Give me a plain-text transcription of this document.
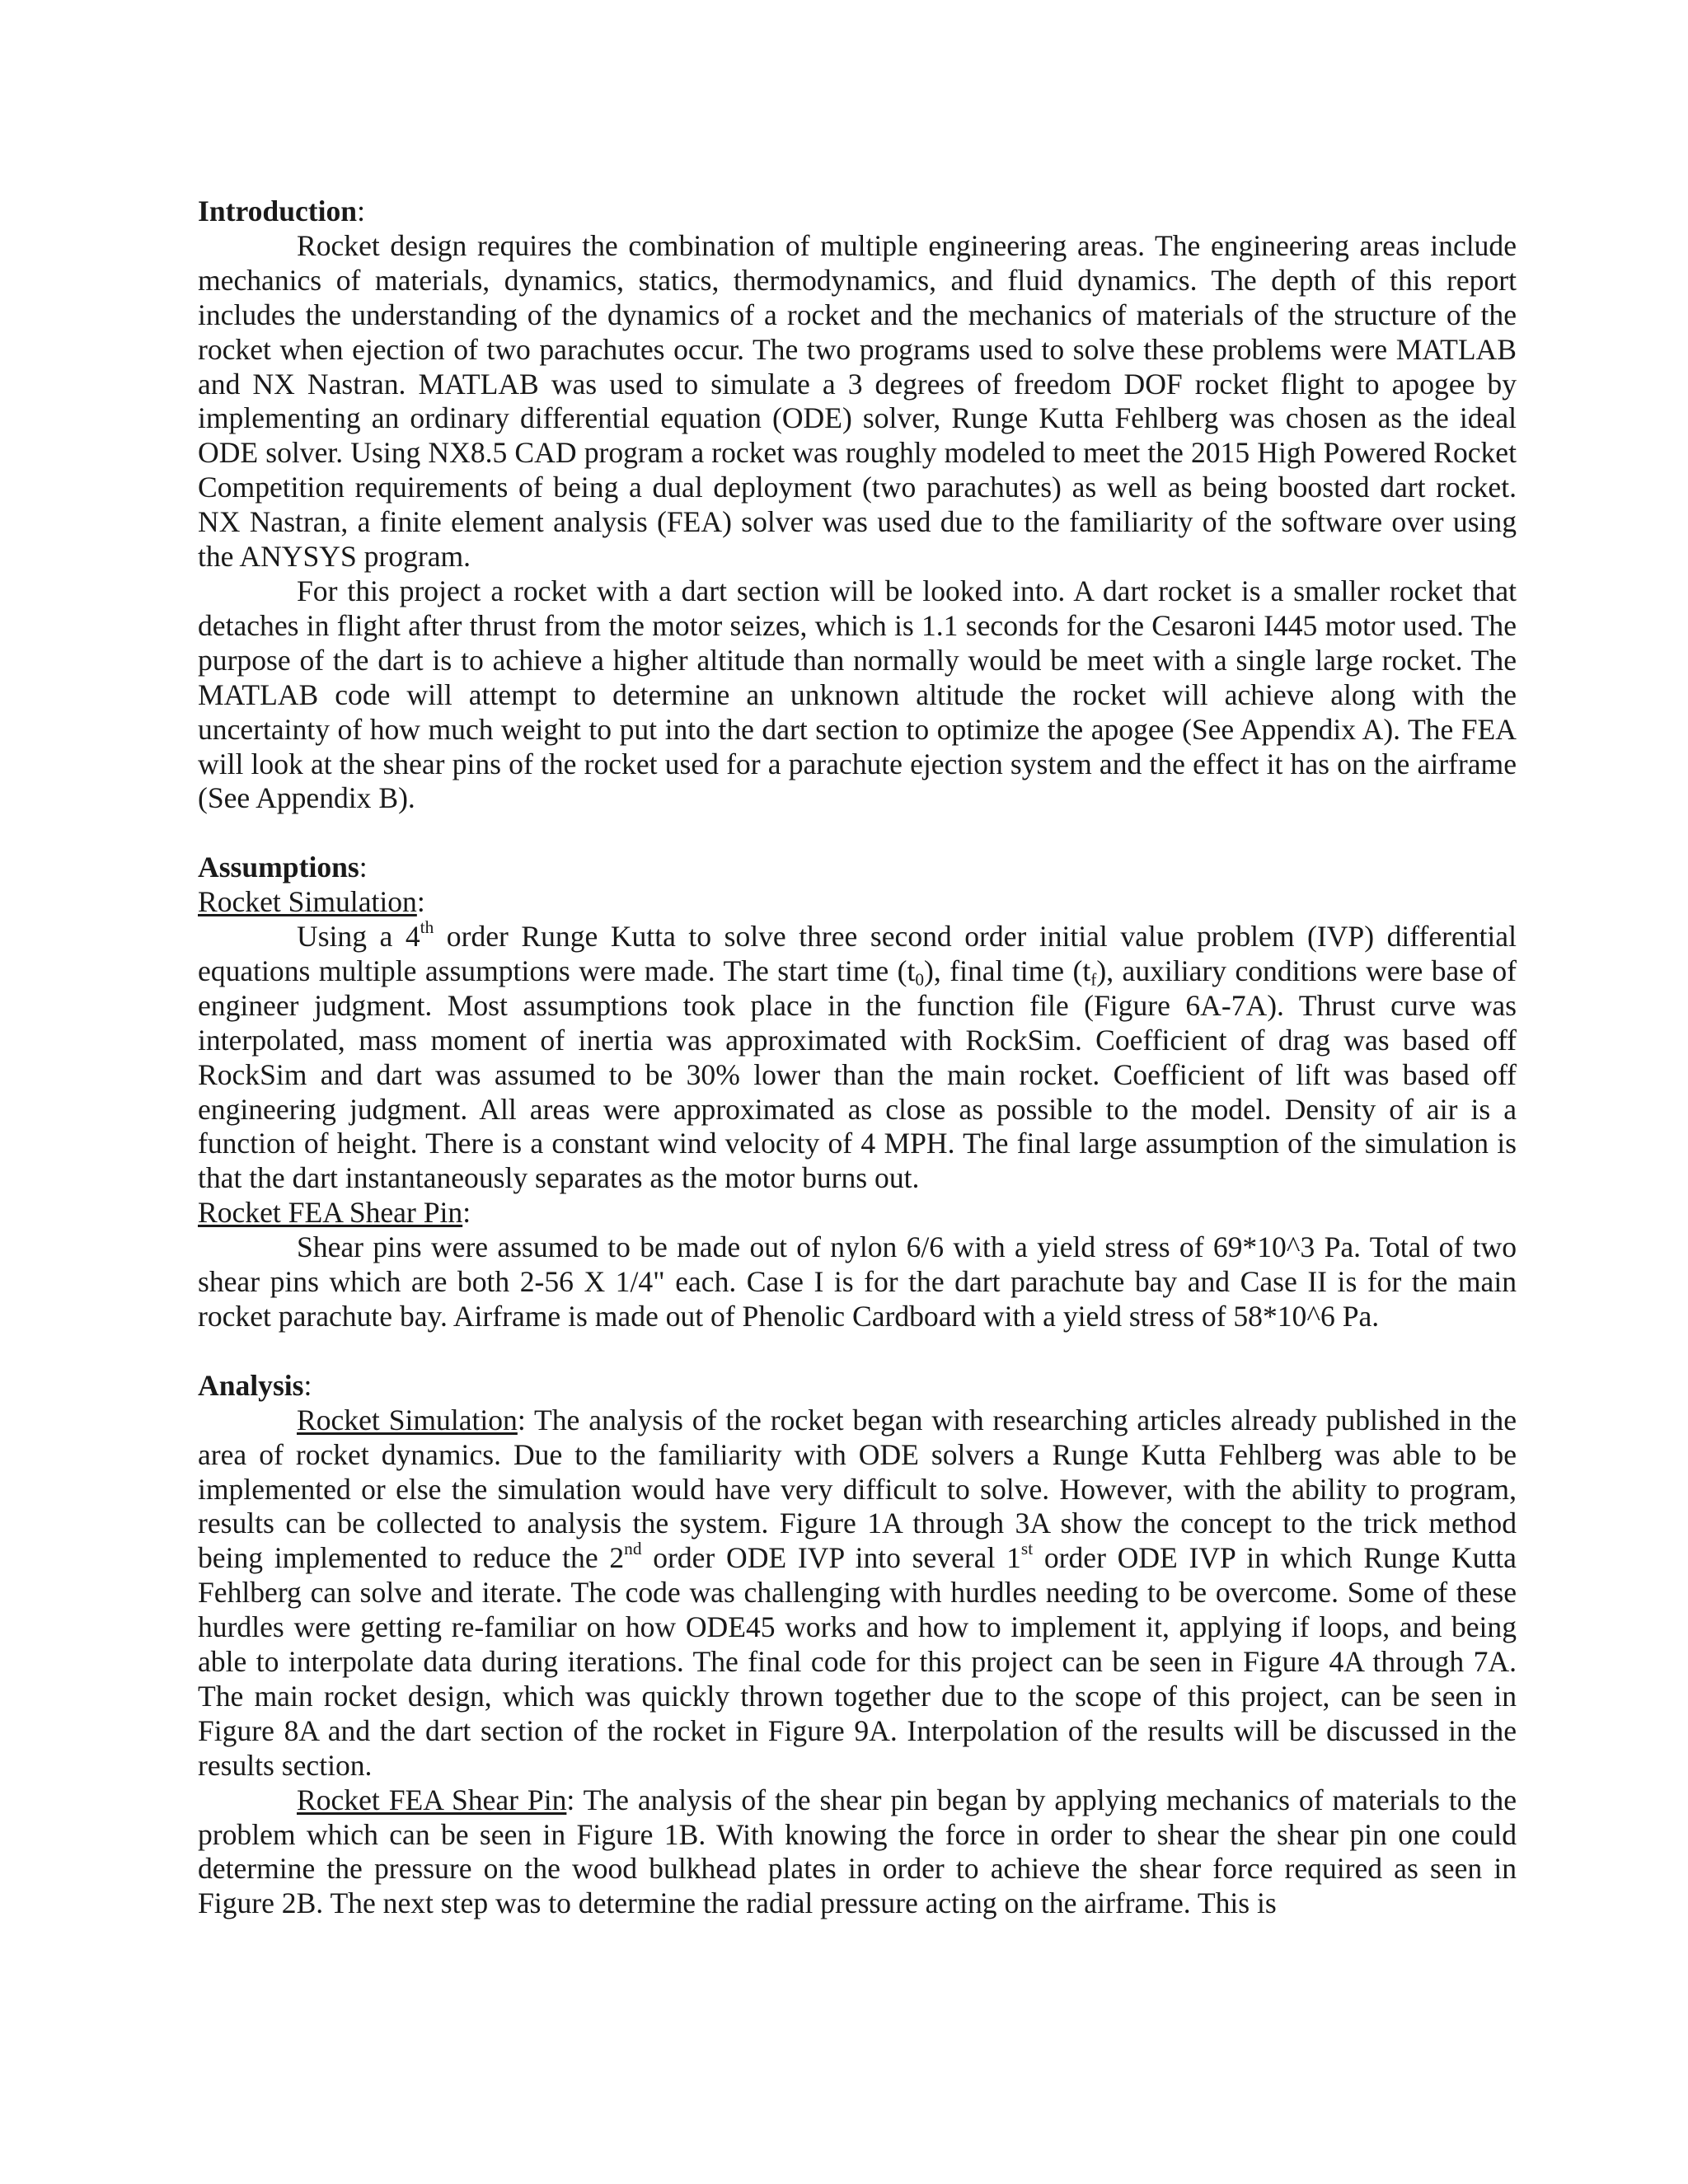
Introduction:

Rocket design requires the combination of multiple engineering areas. The engineering areas include mechanics of materials, dynamics, statics, thermodynamics, and fluid dynamics. The depth of this report includes the understanding of the dynamics of a rocket and the mechanics of materials of the structure of the rocket when ejection of two parachutes occur. The two programs used to solve these problems were MATLAB and NX Nastran. MATLAB was used to simulate a 3 degrees of freedom DOF rocket flight to apogee by implementing an ordinary differential equation (ODE) solver, Runge Kutta Fehlberg was chosen as the ideal ODE solver. Using NX8.5 CAD program a rocket was roughly modeled to meet the 2015 High Powered Rocket Competition requirements of being a dual deployment (two parachutes) as well as being boosted dart rocket. NX Nastran, a finite element analysis (FEA) solver was used due to the familiarity of the software over using the ANYSYS program.

For this project a rocket with a dart section will be looked into. A dart rocket is a smaller rocket that detaches in flight after thrust from the motor seizes, which is 1.1 seconds for the Cesaroni I445 motor used. The purpose of the dart is to achieve a higher altitude than normally would be meet with a single large rocket. The MATLAB code will attempt to determine an unknown altitude the rocket will achieve along with the uncertainty of how much weight to put into the dart section to optimize the apogee (See Appendix A). The FEA will look at the shear pins of the rocket used for a parachute ejection system and the effect it has on the airframe (See Appendix B).

Assumptions:
Rocket Simulation:

Using a 4th order Runge Kutta to solve three second order initial value problem (IVP) differential equations multiple assumptions were made. The start time $(t_0)$, final time $(t_f)$, auxiliary conditions were base of engineer judgment. Most assumptions took place in the function file (Figure 6A-7A). Thrust curve was interpolated, mass moment of inertia was approximated with RockSim. Coefficient of drag was based off RockSim and dart was assumed to be 30% lower than the main rocket. Coefficient of lift was based off engineering judgment. All areas were approximated as close as possible to the model. Density of air is a function of height. There is a constant wind velocity of 4 MPH. The final large assumption of the simulation is that the dart instantaneously separates as the motor burns out.

Rocket FEA Shear Pin:

Shear pins were assumed to be made out of nylon 6/6 with a yield stress of 69*10^3 Pa. Total of two shear pins which are both 2-56 X 1/4" each. Case I is for the dart parachute bay and Case II is for the main rocket parachute bay. Airframe is made out of Phenolic Cardboard with a yield stress of 58*10^6 Pa.

Analysis:

Rocket Simulation: The analysis of the rocket began with researching articles already published in the area of rocket dynamics. Due to the familiarity with ODE solvers a Runge Kutta Fehlberg was able to be implemented or else the simulation would have very difficult to solve. However, with the ability to program, results can be collected to analysis the system. Figure 1A through 3A show the concept to the trick method being implemented to reduce the 2nd order ODE IVP into several 1st order ODE IVP in which Runge Kutta Fehlberg can solve and iterate. The code was challenging with hurdles needing to be overcome. Some of these hurdles were getting re-familiar on how ODE45 works and how to implement it, applying if loops, and being able to interpolate data during iterations. The final code for this project can be seen in Figure 4A through 7A. The main rocket design, which was quickly thrown together due to the scope of this project, can be seen in Figure 8A and the dart section of the rocket in Figure 9A. Interpolation of the results will be discussed in the results section.

Rocket FEA Shear Pin: The analysis of the shear pin began by applying mechanics of materials to the problem which can be seen in Figure 1B. With knowing the force in order to shear the shear pin one could determine the pressure on the wood bulkhead plates in order to achieve the shear force required as seen in Figure 2B. The next step was to determine the radial pressure acting on the airframe. This is
